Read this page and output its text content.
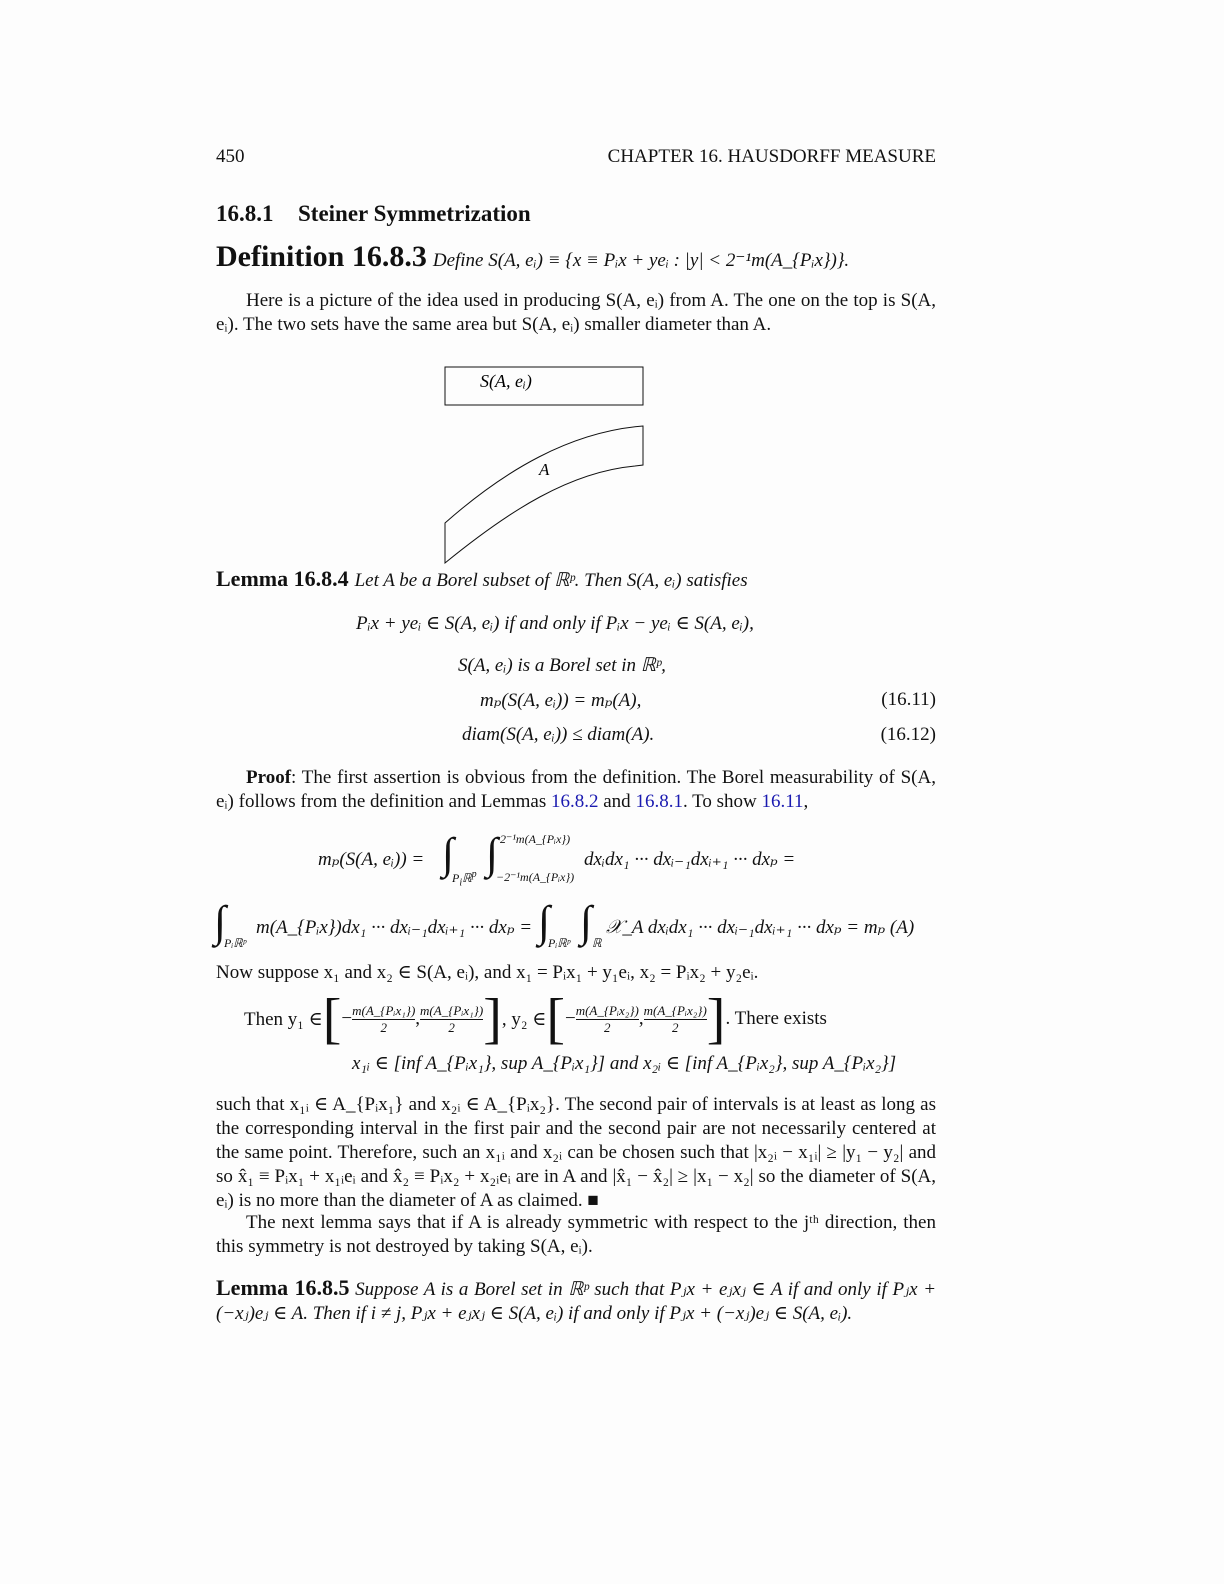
450	CHAPTER 16. HAUSDORFF MEASURE
16.8.1 Steiner Symmetrization
Definition 16.8.3 Define S(A, eᵢ) ≡ {x ≡ Pᵢx + yeᵢ : |y| < 2⁻¹m(A_{Pᵢx})}.
Here is a picture of the idea used in producing S(A, eᵢ) from A. The one on the top is S(A, eᵢ). The two sets have the same area but S(A, eᵢ) smaller diameter than A.
S(A, eᵢ)
A
Lemma 16.8.4 Let A be a Borel subset of ℝᵖ. Then S(A, eᵢ) satisfies
Pᵢx + yeᵢ ∈ S(A, eᵢ) if and only if Pᵢx − yeᵢ ∈ S(A, eᵢ),
S(A, eᵢ) is a Borel set in ℝᵖ,
mₚ(S(A, eᵢ)) = mₚ(A),	(16.11)
diam(S(A, eᵢ)) ≤ diam(A).	(16.12)
Proof: The first assertion is obvious from the definition. The Borel measurability of S(A, eᵢ) follows from the definition and Lemmas 16.8.2 and 16.8.1. To show 16.11,
mₚ(S(A, eᵢ)) = ∫
$P_iℝ^p$ ∫ 2⁻¹m(A_{Pᵢx})
−2⁻¹m(A_{Pᵢx})
dxᵢdx₁ ··· dxᵢ₋₁dxᵢ₊₁ ··· dxₚ =
∫
Pᵢℝᵖ
m(A_{Pᵢx})dx₁ ··· dxᵢ₋₁dxᵢ₊₁ ··· dxₚ = ∫
Pᵢℝᵖ ∫ ℝ
𝒳_A dxᵢdx₁ ··· dxᵢ₋₁dxᵢ₊₁ ··· dxₚ = mₚ (A)
Now suppose x₁ and x₂ ∈ S(A, eᵢ), and x₁ = Pᵢx₁ + y₁eᵢ, x₂ = Pᵢx₂ + y₂eᵢ.
Then y₁ ∈ [ − $\frac{\text{m(A\_\{Pᵢx₁\})}}{2}$ , $\frac{\text{m(A\_\{Pᵢx₁\})}}{2}$ ] , y₂ ∈ [ − $\frac{\text{m(A\_\{Pᵢx₂\})}}{2}$ , $\frac{\text{m(A\_\{Pᵢx₂\})}}{2}$ ] . There exists
x₁ᵢ ∈ [inf A_{Pᵢx₁}, sup A_{Pᵢx₁}] and x₂ᵢ ∈ [inf A_{Pᵢx₂}, sup A_{Pᵢx₂}]
such that x₁ᵢ ∈ A_{Pᵢx₁} and x₂ᵢ ∈ A_{Pᵢx₂}. The second pair of intervals is at least as long as the corresponding interval in the first pair and the second pair are not necessarily centered at the same point. Therefore, such an x₁ᵢ and x₂ᵢ can be chosen such that |x₂ᵢ − x₁ᵢ| ≥ |y₁ − y₂| and so x̂₁ ≡ Pᵢx₁ + x₁ᵢeᵢ and x̂₂ ≡ Pᵢx₂ + x₂ᵢeᵢ are in A and |x̂₁ − x̂₂| ≥ |x₁ − x₂| so the diameter of S(A, eᵢ) is no more than the diameter of A as claimed. ■
The next lemma says that if A is already symmetric with respect to the jᵗʰ direction, then this symmetry is not destroyed by taking S(A, eᵢ).
Lemma 16.8.5 Suppose A is a Borel set in ℝᵖ such that Pⱼx + eⱼxⱼ ∈ A if and only if Pⱼx + (−xⱼ)eⱼ ∈ A. Then if i ≠ j, Pⱼx + eⱼxⱼ ∈ S(A, eᵢ) if and only if Pⱼx + (−xⱼ)eⱼ ∈ S(A, eᵢ).
